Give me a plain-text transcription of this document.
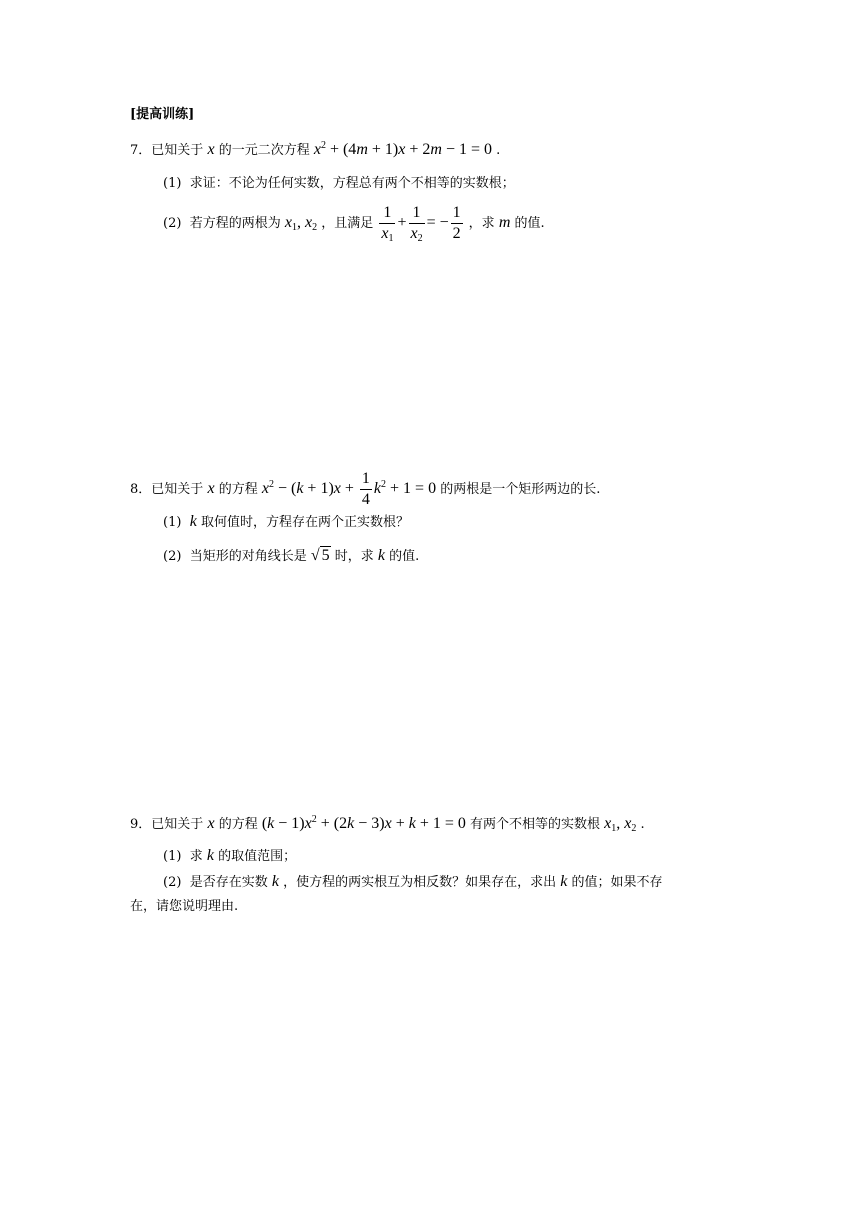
[提高训练]
7．已知关于 x 的一元二次方程 $x^2 + (4m + 1)x + 2m - 1 = 0$ .
(1) 求证：不论为任何实数，方程总有两个不相等的实数根；
(2) 若方程的两根为 $x_1$, $x_2$ ，且满足 $\frac{1}{x_1} + \frac{1}{x_2}$ = − $\frac{1}{2}$ ，求 m 的值.
8．已知关于 x 的方程 $x^2 - (k + 1)x + \frac{1}{4} k^2 + 1 = 0$ 的两根是一个矩形两边的长.
(1) k 取何值时，方程存在两个正实数根？
(2) 当矩形的对角线长是 √ 5 时，求 k 的值.
9．已知关于 x 的方程 $(k - 1)x^2 + (2k - 3)x + k + 1 = 0$ 有两个不相等的实数根 $x_1$, $x_2$ .
(1) 求 k 的取值范围；
(2) 是否存在实数 k ，使方程的两实根互为相反数？如果存在，求出 k 的值；如果不存
在，请您说明理由.
